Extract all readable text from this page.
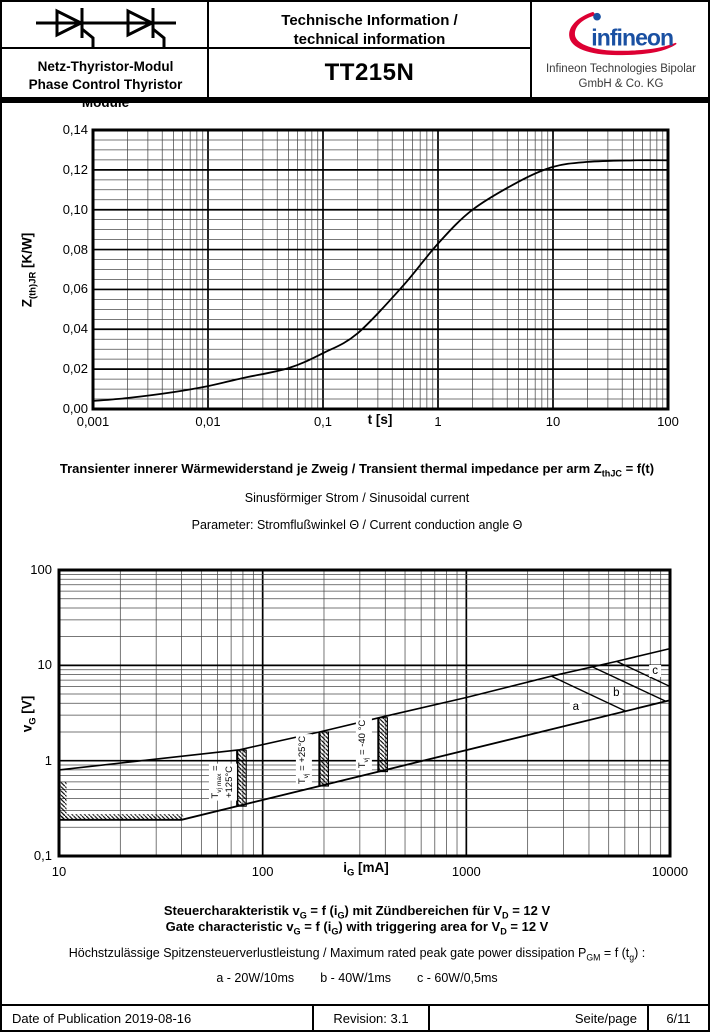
Netz-Thyristor-Modul
Phase Control Thyristor Module
Technische Information /
technical information
TT215N
infineon
Infineon Technologies Bipolar
GmbH & Co. KG
$Z_{(th)JR}$ [K/W]
t [s]
Transienter innerer Wärmewiderstand je Zweig / Transient thermal impedance per arm $Z_{thJC} = f(t)$
Sinusförmiger Strom / Sinusoidal current
Parameter: Stromflußwinkel Θ / Current conduction angle Θ
$v_G$ [V]
$i_G$ [mA]
Steuercharakteristik $v_G = f$ $(i_G)$ mit Zündbereichen für $V_D = 12$ V
Gate characteristic $v_G = f$ $(i_G)$ with triggering area for $V_D = 12$ V
Höchstzulässige Spitzensteuerverlustleistung / Maximum rated peak gate power dissipation $P_{GM} = f$ $(t_g)$ :
a - 20W/10ms b - 40W/1ms c - 60W/0,5ms
Date of Publication 2019-08-16	Revision: 3.1	Seite/page	6/11
0,00
0,02
0,04
0,06
0,08
0,10
0,12
0,14
0,001	0,01	0,1	1	10	100
$T_{vj max} = +125^\circ C$	$T_{vj} = +25^\circ C$	$T_{vj} = -40$ °C
a
b
c
0,1
1
10
100
10	100	1000	10000
